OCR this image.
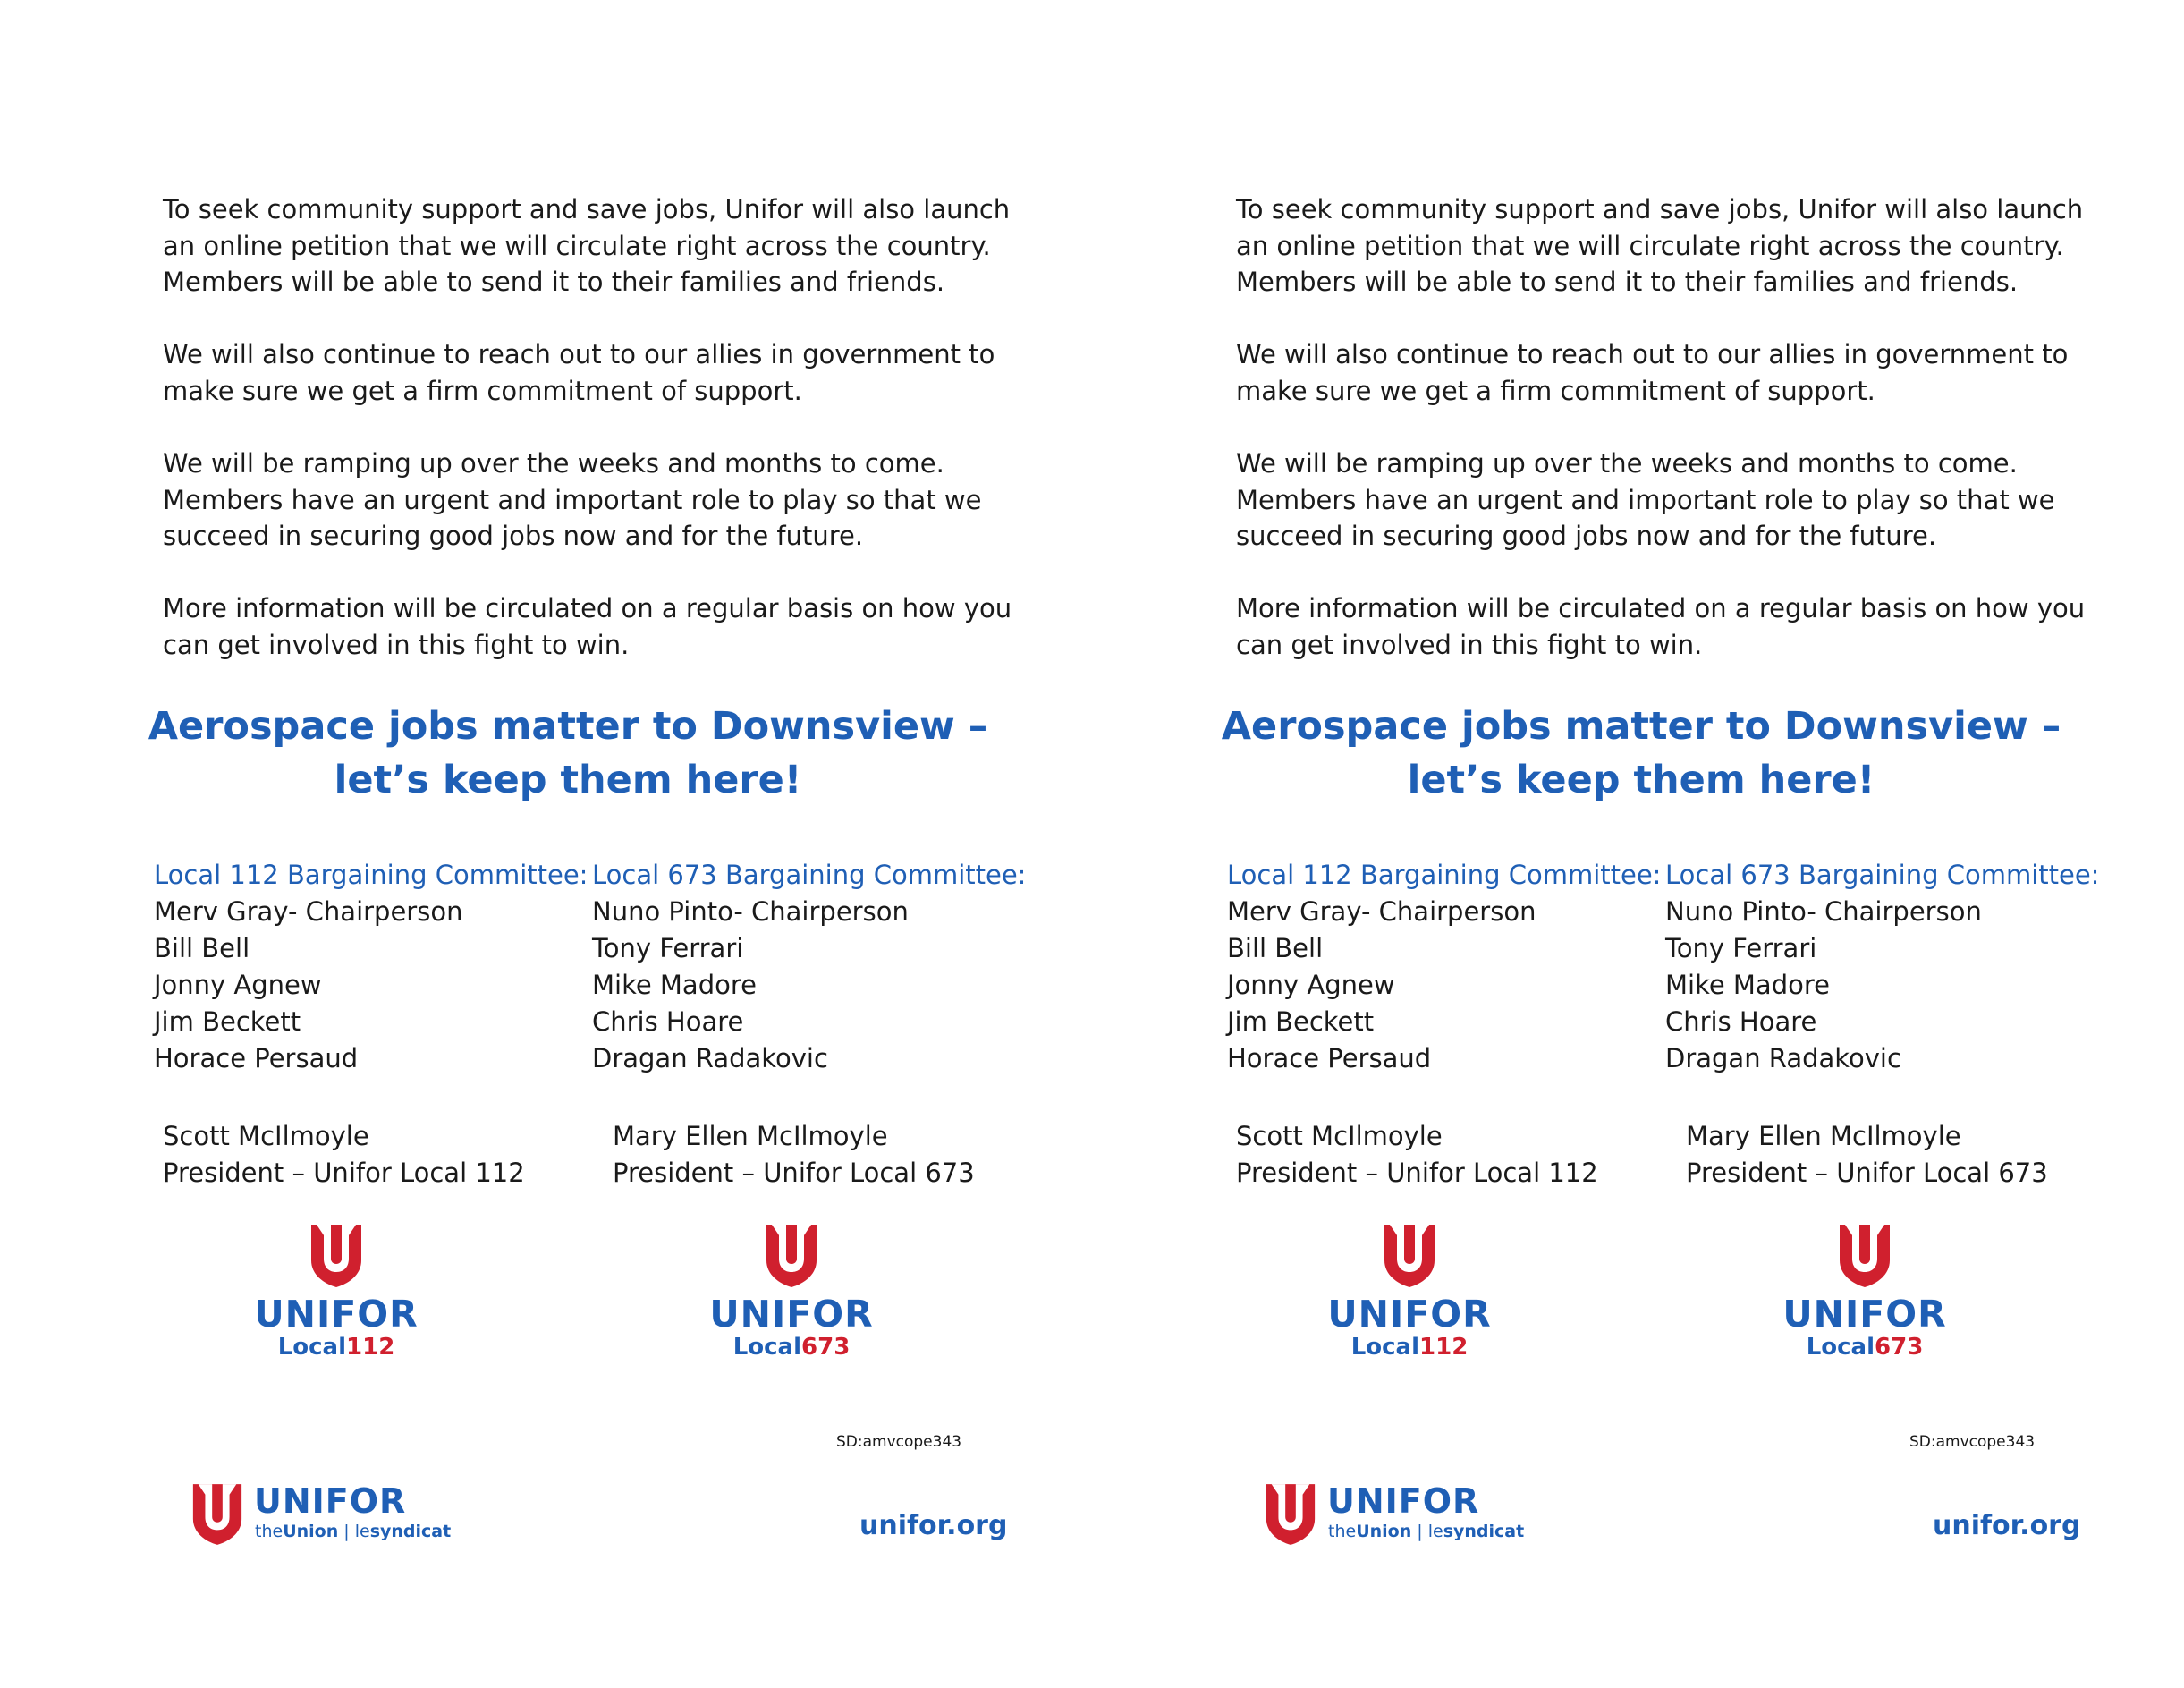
To seek community support and save jobs, Unifor will also launch an online petition that we will circulate right across the country. Members will be able to send it to their families and friends.

We will also continue to reach out to our allies in government to make sure we get a firm commitment of support.

We will be ramping up over the weeks and months to come. Members have an urgent and important role to play so that we succeed in securing good jobs now and for the future.

More information will be circulated on a regular basis on how you can get involved in this fight to win.

Aerospace jobs matter to Downsview –
let’s keep them here!
Local 112 Bargaining Committee:
Merv Gray- Chairperson
Bill Bell
Jonny Agnew
Jim Beckett
Horace Persaud
Local 673 Bargaining Committee:
Nuno Pinto- Chairperson
Tony Ferrari
Mike Madore
Chris Hoare
Dragan Radakovic
Scott McIlmoyle
President – Unifor Local 112
Mary Ellen McIlmoyle
President – Unifor Local 673
UNIFOR
Local112
UNIFOR
Local673
SD:amvcope343
UNIFOR
theUnion | lesyndicat	unifor.org

To seek community support and save jobs, Unifor will also launch an online petition that we will circulate right across the country. Members will be able to send it to their families and friends.

We will also continue to reach out to our allies in government to make sure we get a firm commitment of support.

We will be ramping up over the weeks and months to come. Members have an urgent and important role to play so that we succeed in securing good jobs now and for the future.

More information will be circulated on a regular basis on how you can get involved in this fight to win.

Aerospace jobs matter to Downsview –
let’s keep them here!
Local 112 Bargaining Committee:
Merv Gray- Chairperson
Bill Bell
Jonny Agnew
Jim Beckett
Horace Persaud
Local 673 Bargaining Committee:
Nuno Pinto- Chairperson
Tony Ferrari
Mike Madore
Chris Hoare
Dragan Radakovic
Scott McIlmoyle
President – Unifor Local 112
Mary Ellen McIlmoyle
President – Unifor Local 673
UNIFOR
Local112
UNIFOR
Local673
SD:amvcope343
UNIFOR
theUnion | lesyndicat	unifor.org
